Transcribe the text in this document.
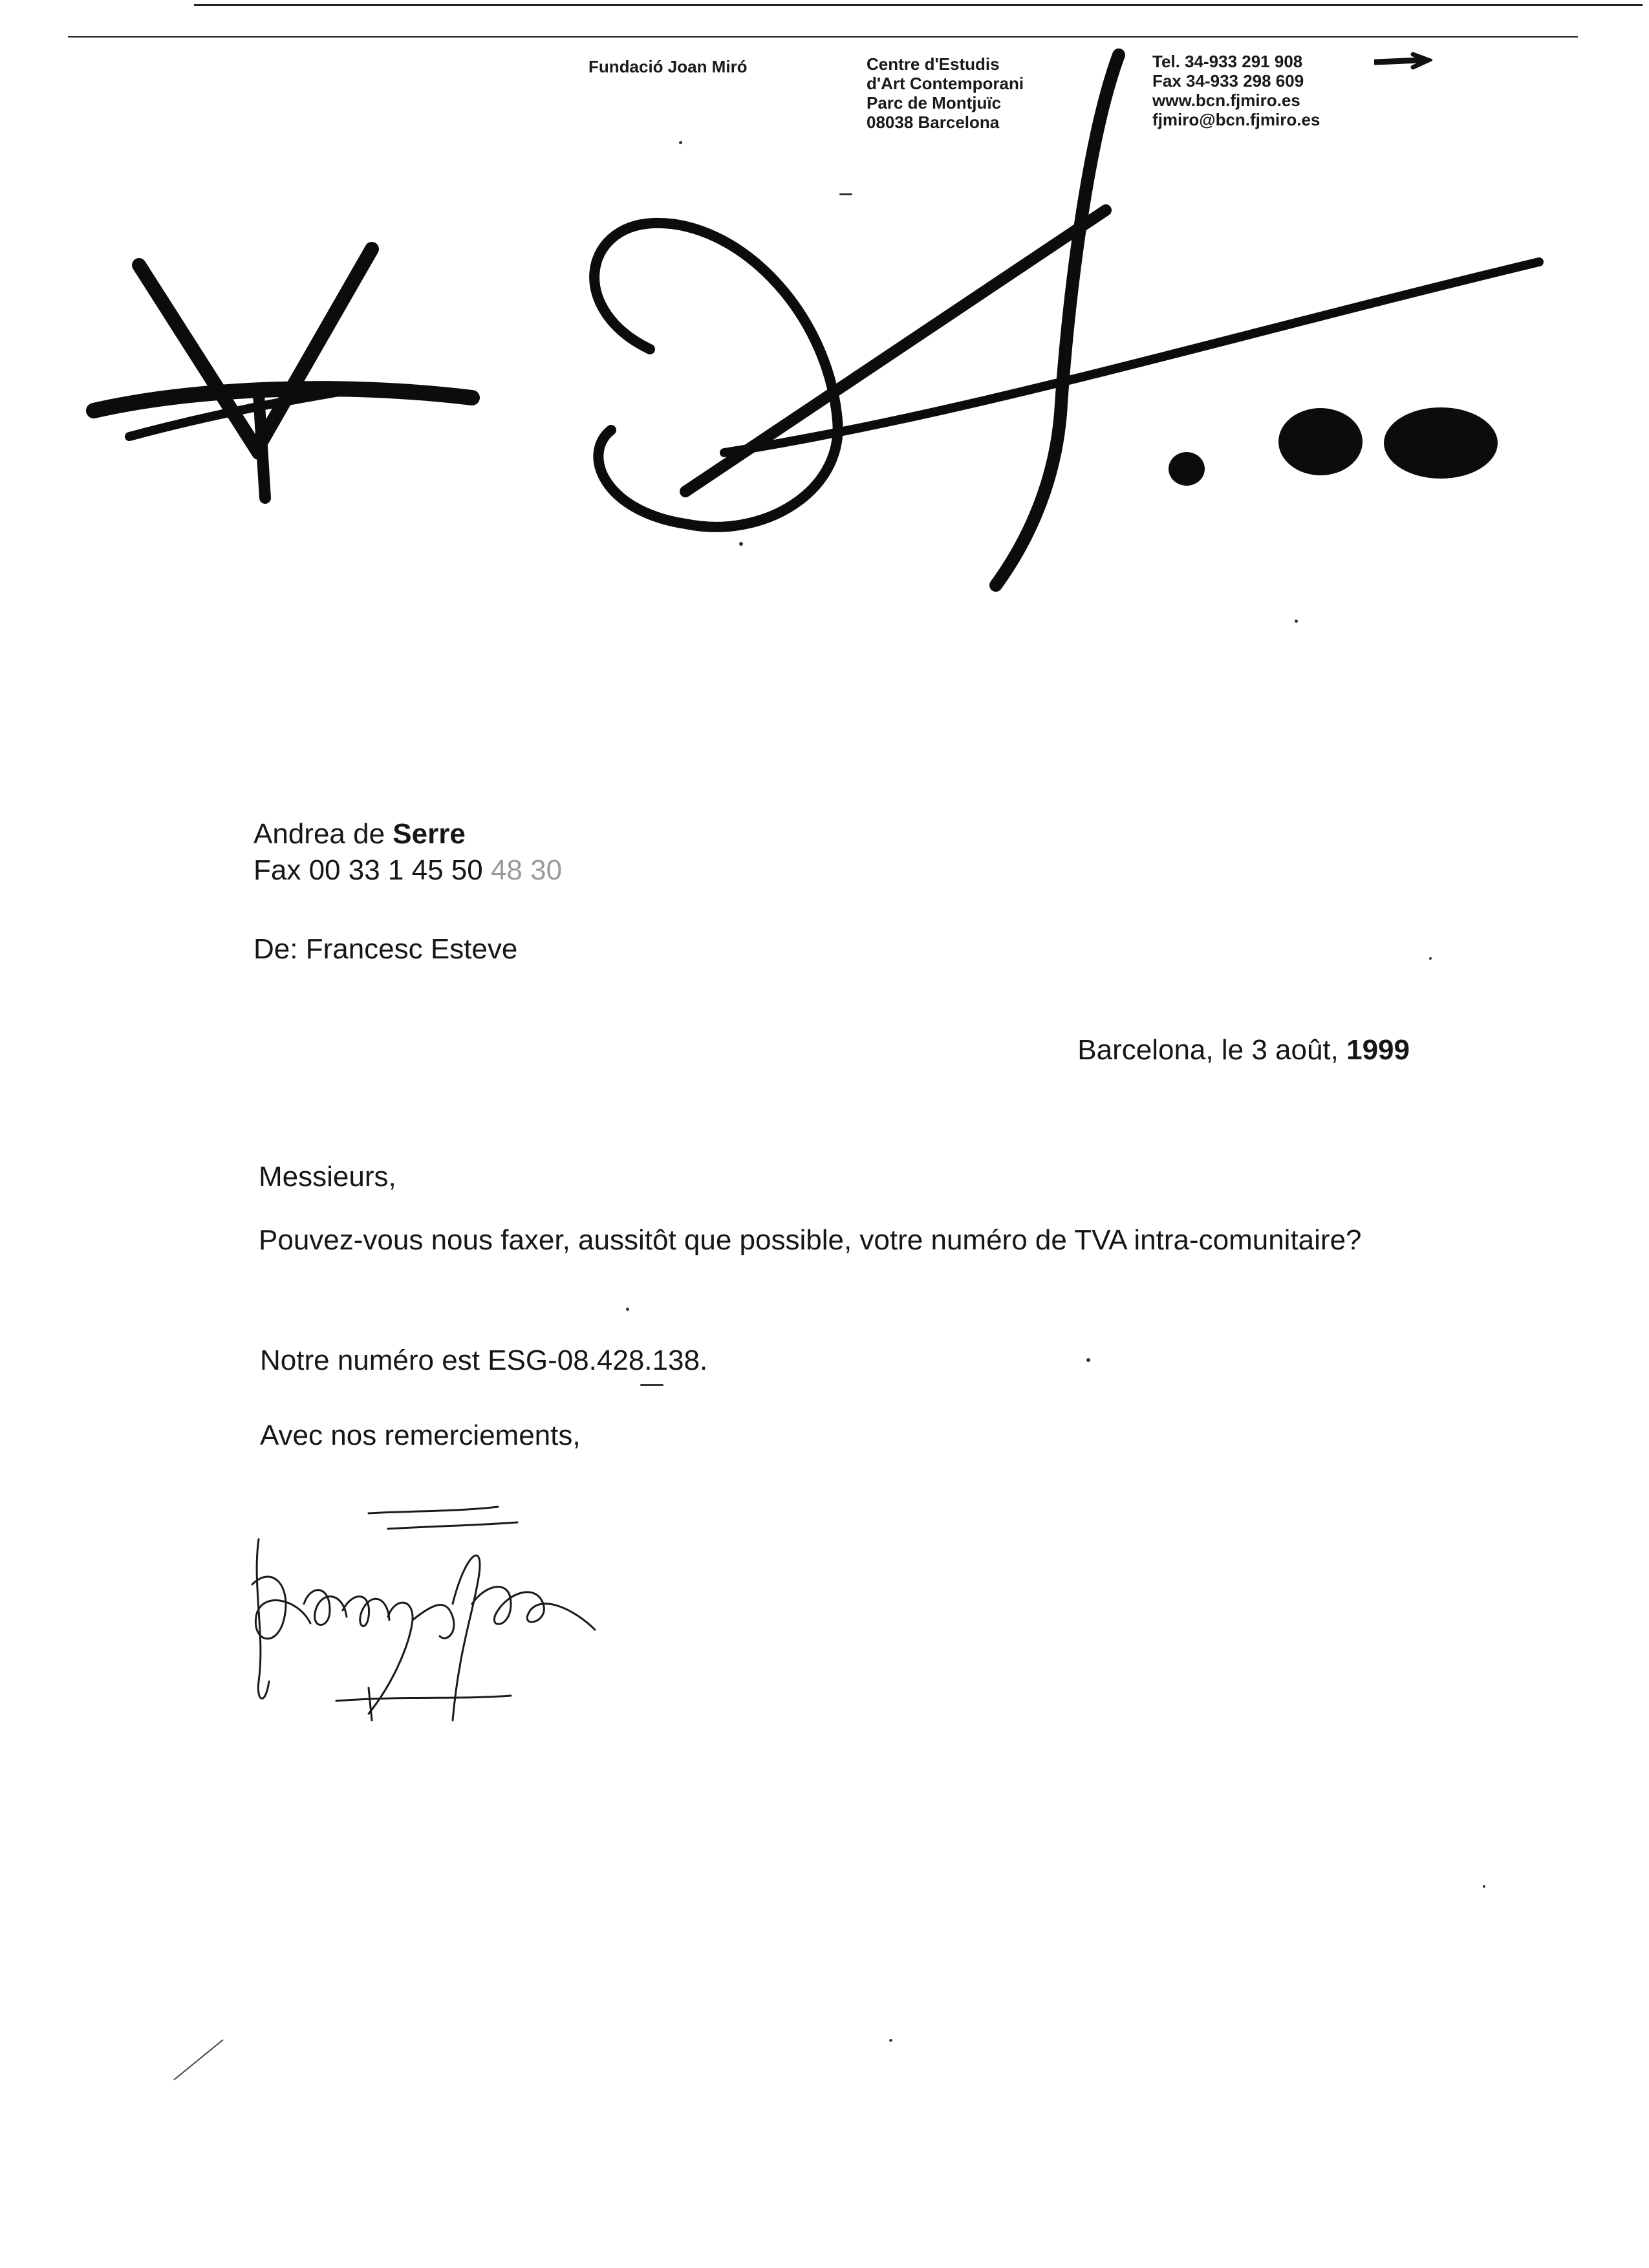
Fundació Joan Miró	Centre d'Estudis
d'Art Contemporani
Parc de Montjuïc
08038 Barcelona
Tel. 34-933 291 908
Fax 34-933 298 609
www.bcn.fjmiro.es
fjmiro@bcn.fjmiro.es
Andrea de Serre
Fax 00 33 1 45 50 48 30
De: Francesc Esteve
Barcelona, le 3 août, 1999
Messieurs,
Pouvez-vous nous faxer, aussitôt que possible, votre numéro de TVA intra-comunitaire?
Notre numéro est ESG-08.428.138.
Avec nos remerciements,
